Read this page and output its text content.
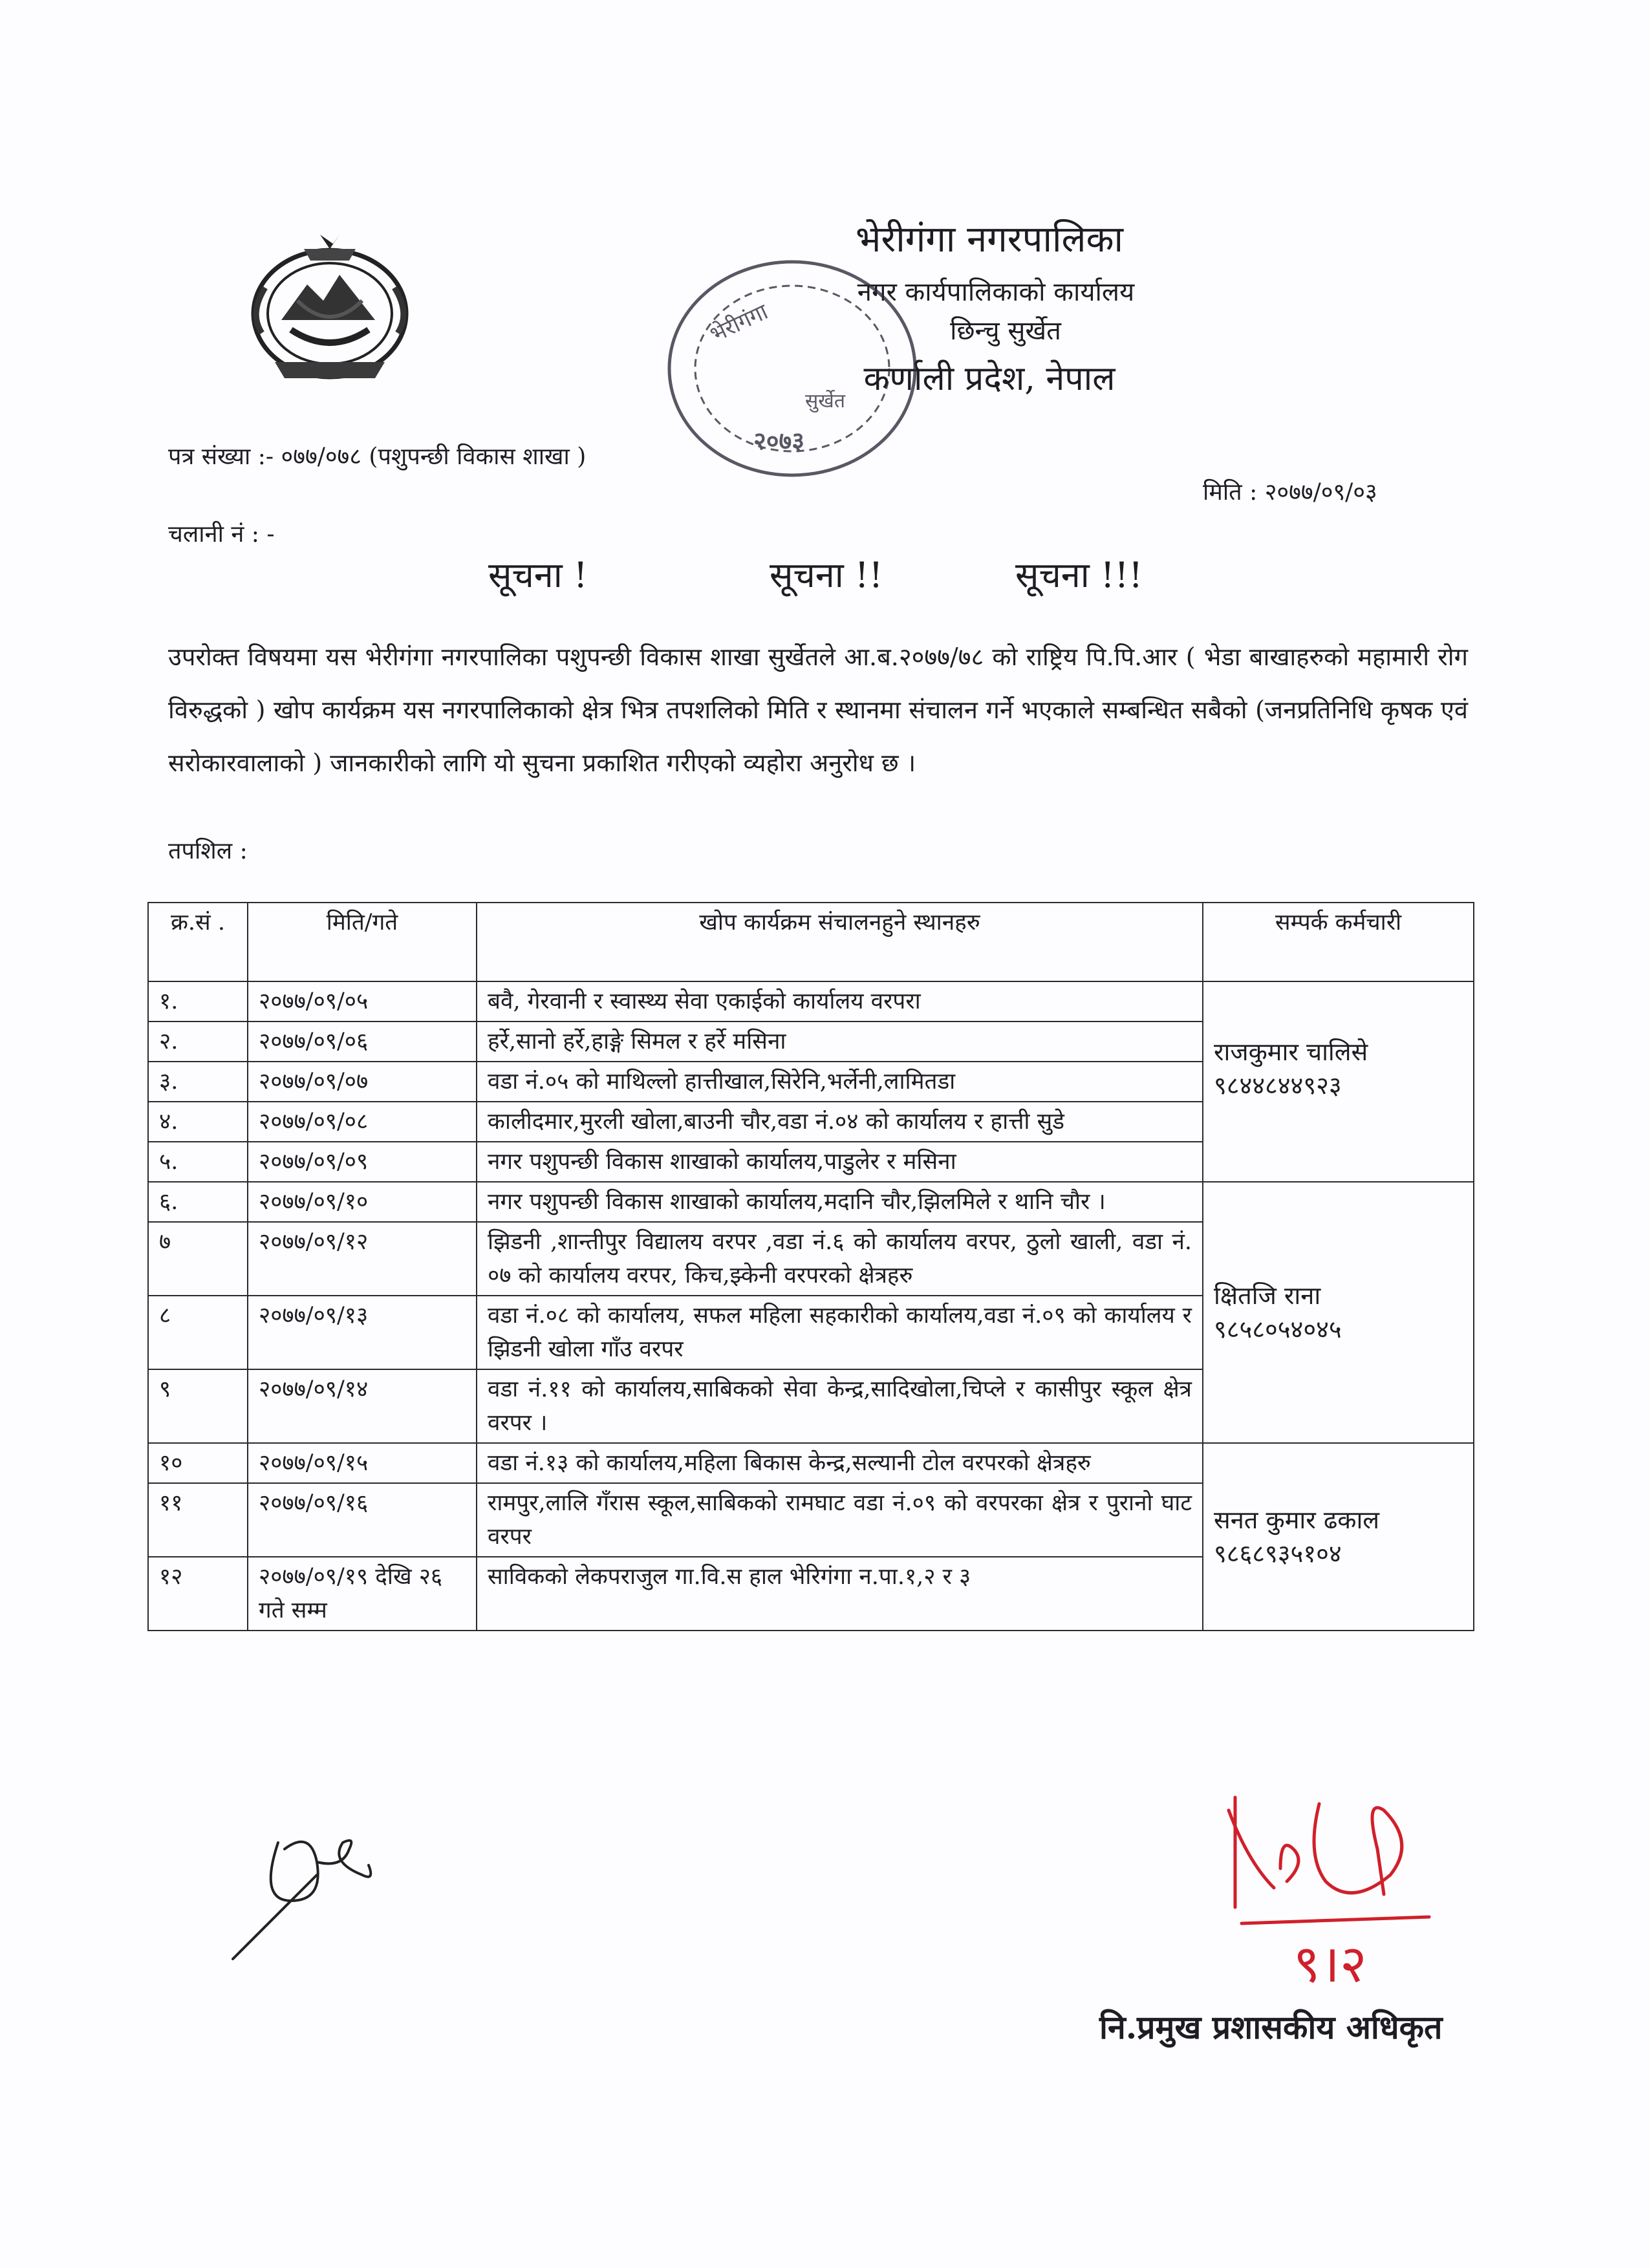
भेरीगंगा नगरपालिका
नगर कार्यपालिकाको कार्यालय
छिन्चु सुर्खेत
कर्णाली प्रदेश, नेपाल
भेरीगंगा
सुर्खेत
२०७३
पत्र संख्या :- ०७७/०७८ (पशुपन्छी विकास शाखा )
मिति : २०७७/०९/०३
चलानी नं : -
सूचना !	सूचना !!	सूचना !!!
उपरोक्त विषयमा यस भेरीगंगा नगरपालिका पशुपन्छी विकास शाखा सुर्खेतले आ.ब.२०७७/७८ को राष्ट्रिय पि.पि.आर ( भेडा बाखाहरुको महामारी रोग विरुद्धको ) खोप कार्यक्रम यस नगरपालिकाको क्षेत्र भित्र तपशलिको मिति र स्थानमा संचालन गर्ने भएकाले सम्बन्धित सबैको (जनप्रतिनिधि कृषक एवं सरोकारवालाको ) जानकारीको लागि यो सुचना प्रकाशित गरीएको व्यहोरा अनुरोध छ ।
तपशिल :
क्र.सं .	मिति/गते	खोप कार्यक्रम संचालनहुने स्थानहरु	सम्पर्क कर्मचारी
१.	२०७७/०९/०५	बवै, गेरवानी र स्वास्थ्य सेवा एकाईको कार्यालय वरपरा	राजकुमार चालिसे
९८४४८४४९२३

२.	२०७७/०९/०६	हर्रे,सानो हर्रे,हाङ्गे सिमल र हर्रे मसिना	
३.	२०७७/०९/०७	वडा नं.०५ को माथिल्लो हात्तीखाल,सिरेनि,भर्लेनी,लामितडा	
४.	२०७७/०९/०८	कालीदमार,मुरली खोला,बाउनी चौर,वडा नं.०४ को कार्यालय र हात्ती सुडे	
५.	२०७७/०९/०९	नगर पशुपन्छी विकास शाखाको कार्यालय,पाडुलेर र मसिना	
६.	२०७७/०९/१०	नगर पशुपन्छी विकास शाखाको कार्यालय,मदानि चौर,झिलमिले र थानि चौर ।	क्षितजि राना
९८५८०५४०४५

७	२०७७/०९/१२	झिडनी ,शान्तीपुर विद्यालय वरपर ,वडा नं.६ को कार्यालय वरपर, ठुलो खाली, वडा नं. ०७ को कार्यालय वरपर, किच,झ्केनी वरपरको क्षेत्रहरु	
८	२०७७/०९/१३	वडा नं.०८ को कार्यालय, सफल महिला सहकारीको कार्यालय,वडा नं.०९ को कार्यालय र झिडनी खोला गाँउ वरपर	
९	२०७७/०९/१४	वडा नं.११ को कार्यालय,साबिकको सेवा केन्द्र,सादिखोला,चिप्ले र कासीपुर स्कूल क्षेत्र वरपर ।	
१०	२०७७/०९/१५	वडा नं.१३ को कार्यालय,महिला बिकास केन्द्र,सल्यानी टोल वरपरको क्षेत्रहरु	सनत कुमार ढकाल
९८६८९३५१०४

११	२०७७/०९/१६	रामपुर,लालि गँरास स्कूल,साबिकको रामघाट वडा नं.०९ को वरपरका क्षेत्र र पुरानो घाट वरपर	
१२	२०७७/०९/१९ देखि २६ गते सम्म	साविकको लेकपराजुल गा.वि.स हाल भेरिगंगा न.पा.१,२ र ३	
९।२
नि.प्रमुख प्रशासकीय अधिकृत
